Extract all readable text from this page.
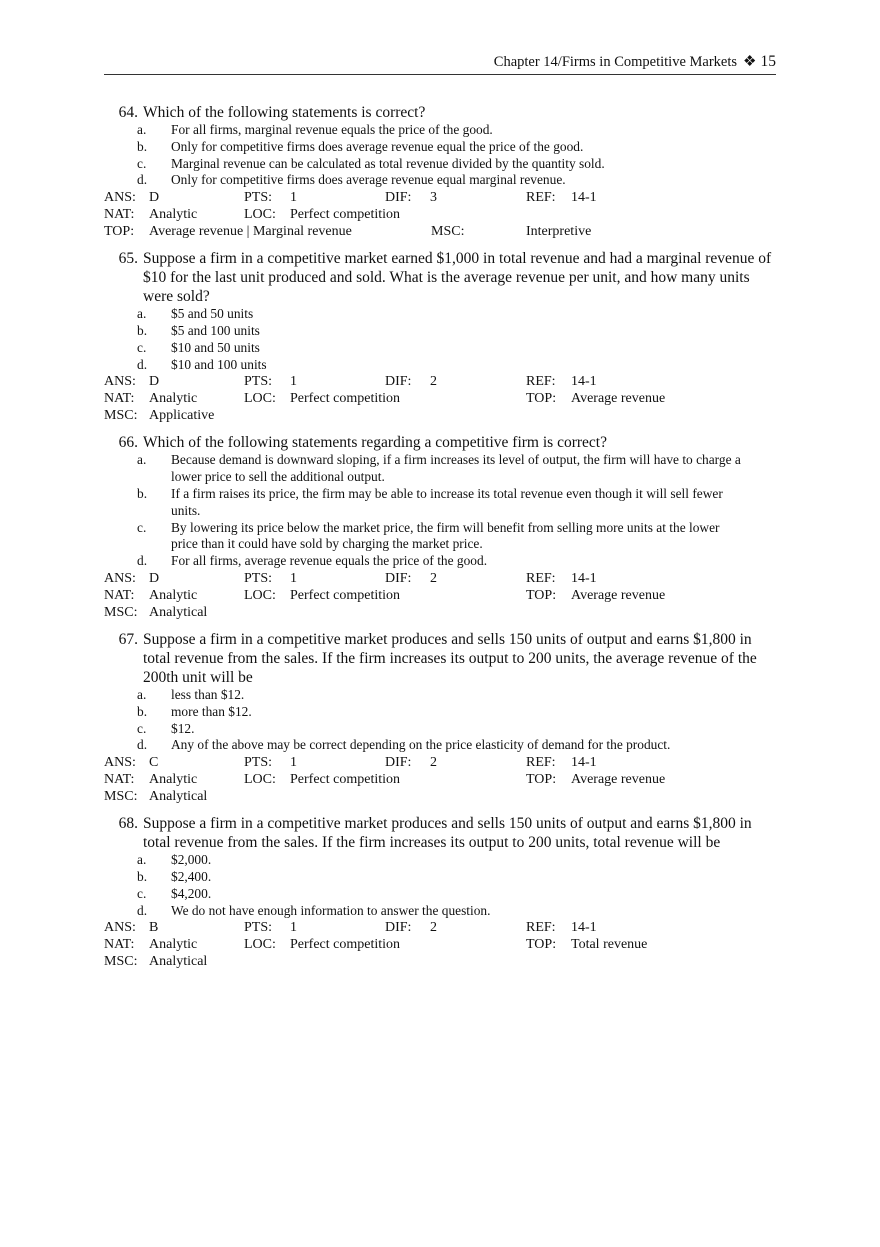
Chapter 14/Firms in Competitive Markets ❖ 15
64. Which of the following statements is correct?
a.	For all firms, marginal revenue equals the price of the good.
b.	Only for competitive firms does average revenue equal the price of the good.
c.	Marginal revenue can be calculated as total revenue divided by the quantity sold.
d.	Only for competitive firms does average revenue equal marginal revenue.
ANS: D	PTS: 1	DIF: 3	REF: 14-1
NAT: Analytic	LOC: Perfect competition
TOP: Average revenue | Marginal revenue	MSC:	Interpretive
65. Suppose a firm in a competitive market earned $1,000 in total revenue and had a marginal revenue of $10 for the last unit produced and sold. What is the average revenue per unit, and how many units were sold?
a.	$5 and 50 units
b.	$5 and 100 units
c.	$10 and 50 units
d.	$10 and 100 units
ANS: D	PTS: 1	DIF: 2	REF: 14-1
NAT: Analytic	LOC: Perfect competition	TOP: Average revenue
MSC: Applicative
66. Which of the following statements regarding a competitive firm is correct?
a.	Because demand is downward sloping, if a firm increases its level of output, the firm will have to charge a lower price to sell the additional output.
b.	If a firm raises its price, the firm may be able to increase its total revenue even though it will sell fewer units.
c.	By lowering its price below the market price, the firm will benefit from selling more units at the lower price than it could have sold by charging the market price.
d.	For all firms, average revenue equals the price of the good.
ANS: D	PTS: 1	DIF: 2	REF: 14-1
NAT: Analytic	LOC: Perfect competition	TOP: Average revenue
MSC: Analytical
67. Suppose a firm in a competitive market produces and sells 150 units of output and earns $1,800 in total revenue from the sales. If the firm increases its output to 200 units, the average revenue of the 200th unit will be
a.	less than $12.
b.	more than $12.
c.	$12.
d.	Any of the above may be correct depending on the price elasticity of demand for the product.
ANS: C	PTS: 1	DIF: 2	REF: 14-1
NAT: Analytic	LOC: Perfect competition	TOP: Average revenue
MSC: Analytical
68. Suppose a firm in a competitive market produces and sells 150 units of output and earns $1,800 in total revenue from the sales. If the firm increases its output to 200 units, total revenue will be
a.	$2,000.
b.	$2,400.
c.	$4,200.
d.	We do not have enough information to answer the question.
ANS: B	PTS: 1	DIF: 2	REF: 14-1
NAT: Analytic	LOC: Perfect competition	TOP: Total revenue
MSC: Analytical
